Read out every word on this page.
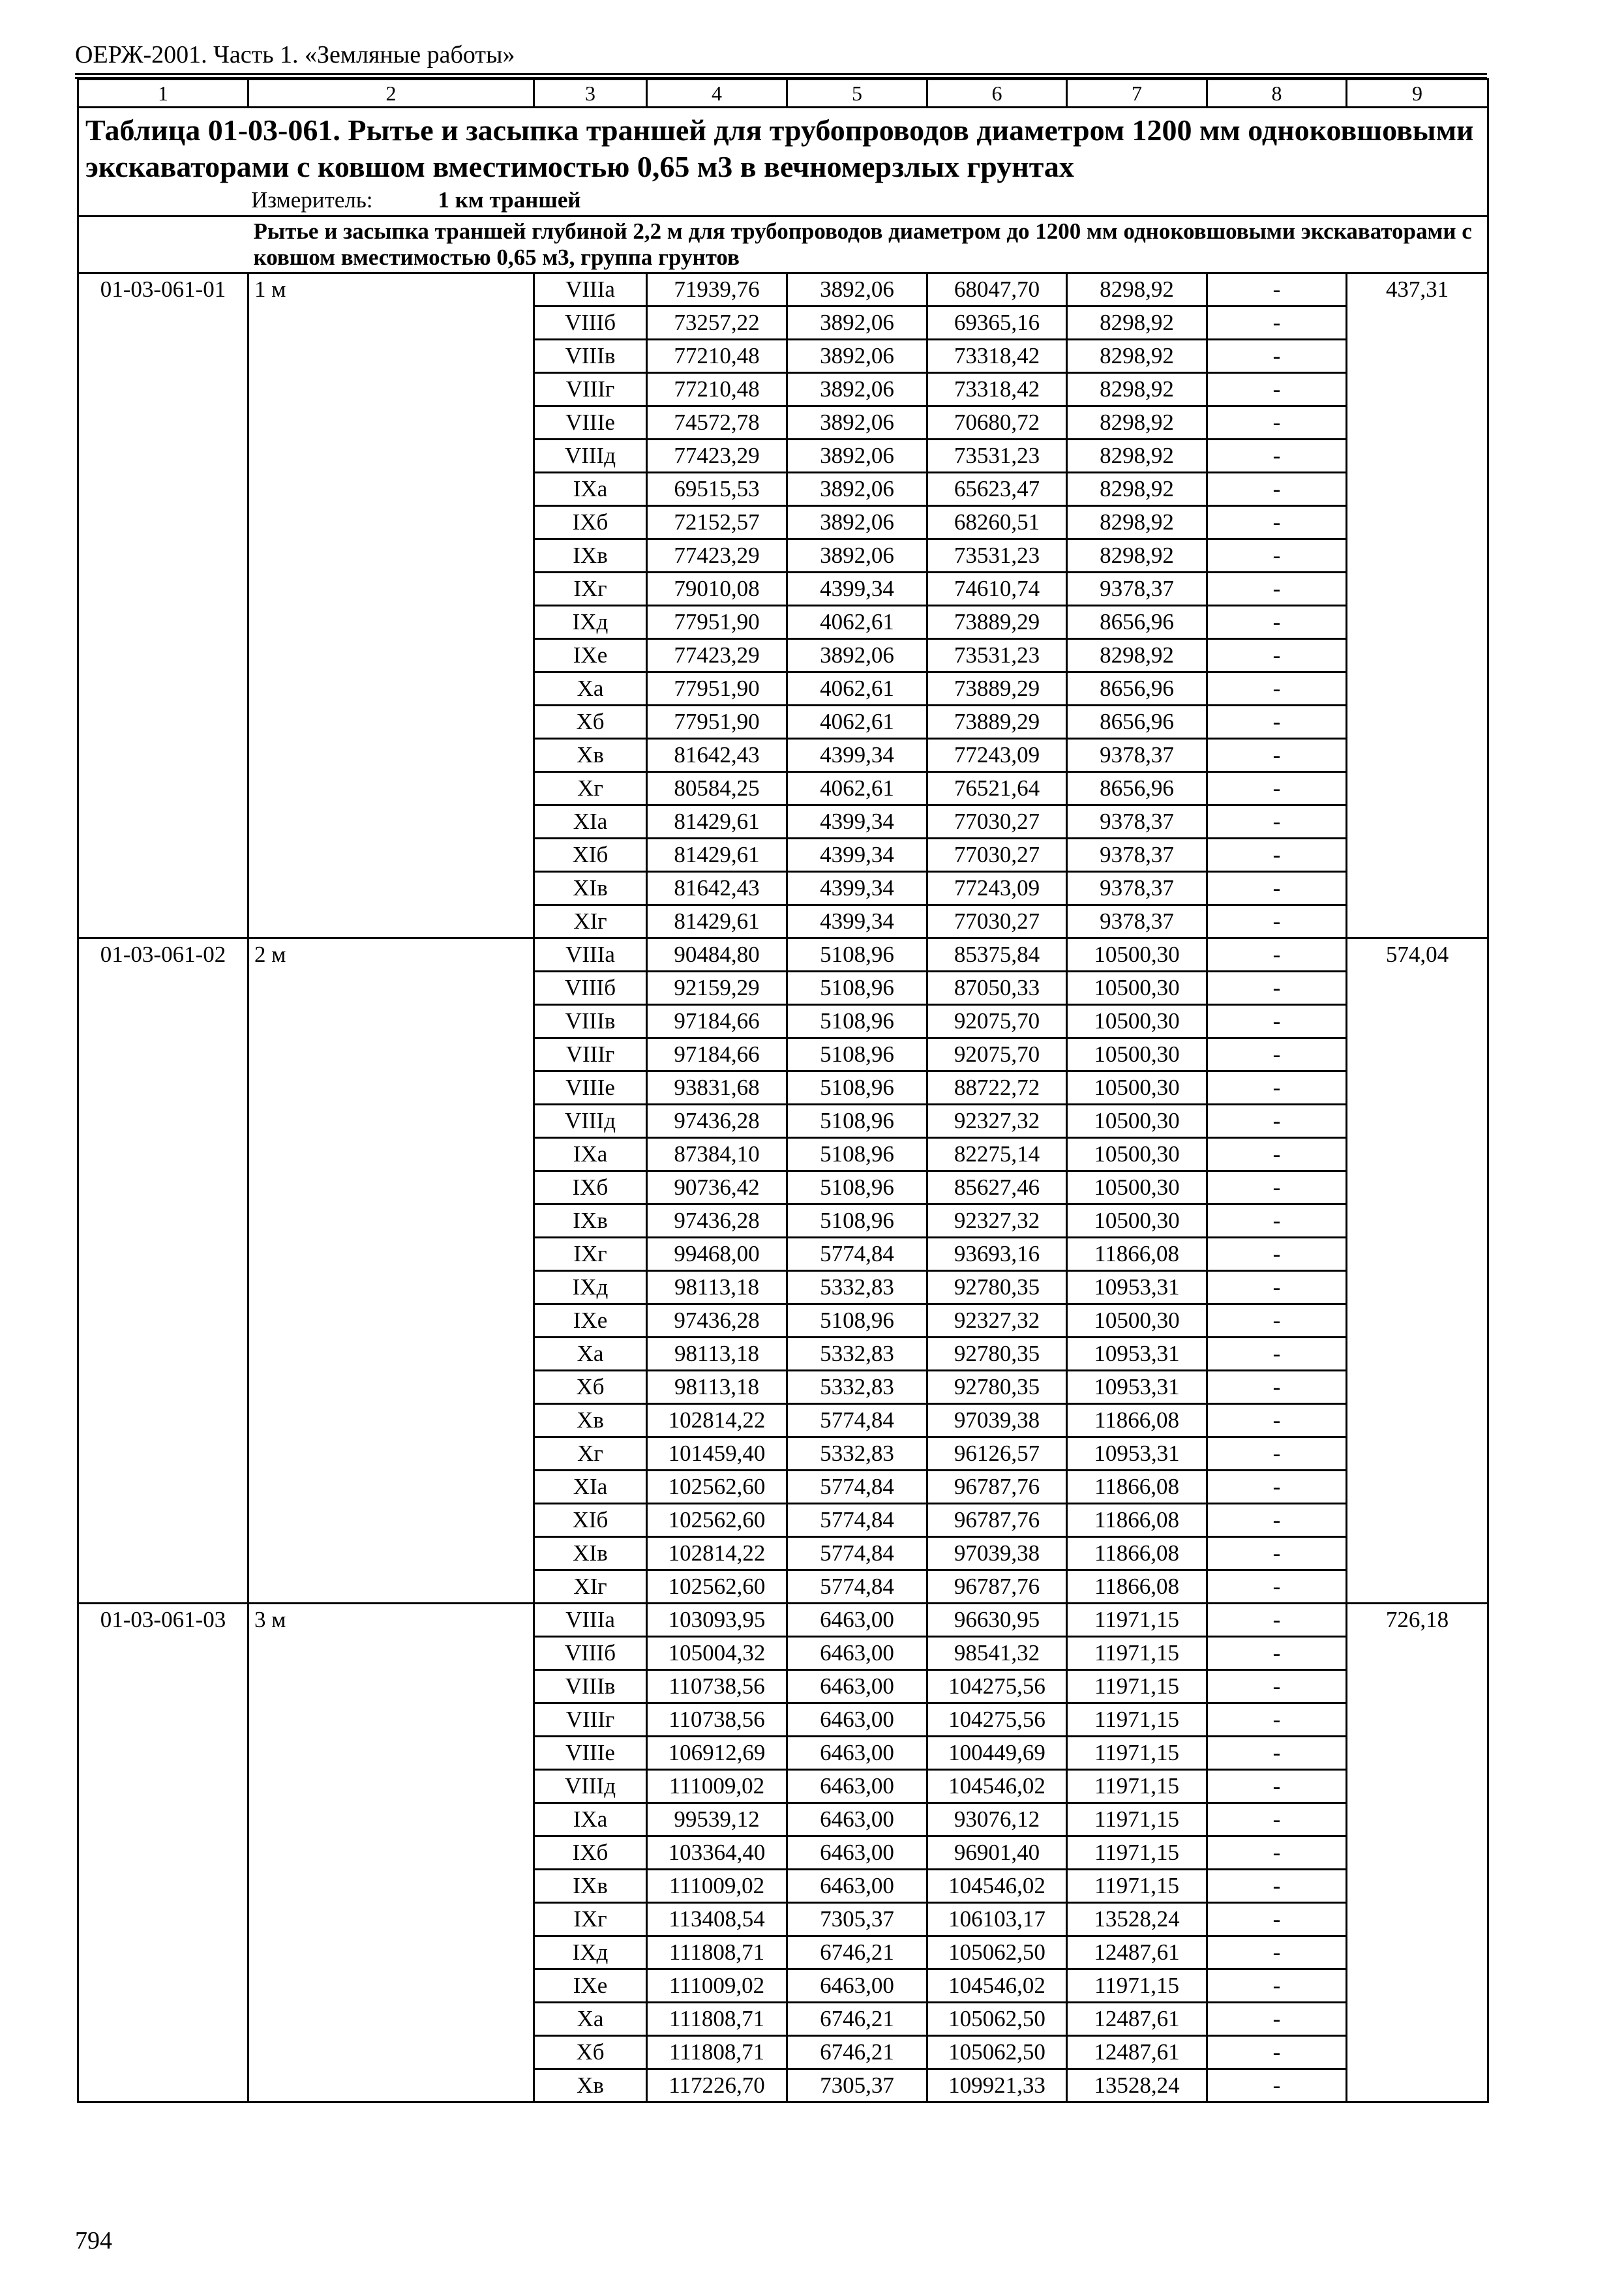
ОЕРЖ-2001. Часть 1. «Земляные работы»
1	2	3	4	5	6	7	8	9
Таблица 01-03-061. Рытье и засыпка траншей для трубопроводов диаметром 1200 мм одноковшовыми экскаваторами с ковшом вместимостью 0,65 м3 в вечномерзлых грунтах								
Измеритель: 1 км траншей								
	Рытье и засыпка траншей глубиной 2,2 м для трубопроводов диаметром до 1200 мм одноковшовыми экскаваторами с ковшом вместимостью 0,65 м3, группа грунтов							
01-03-061-01	1 м	VIIIа	71939,76	3892,06	68047,70	8298,92	-	437,31
		VIIIб	73257,22	3892,06	69365,16	8298,92	-	
		VIIIв	77210,48	3892,06	73318,42	8298,92	-	
		VIIIг	77210,48	3892,06	73318,42	8298,92	-	
		VIIIе	74572,78	3892,06	70680,72	8298,92	-	
		VIIIд	77423,29	3892,06	73531,23	8298,92	-	
		IXа	69515,53	3892,06	65623,47	8298,92	-	
		IXб	72152,57	3892,06	68260,51	8298,92	-	
		IXв	77423,29	3892,06	73531,23	8298,92	-	
		IXг	79010,08	4399,34	74610,74	9378,37	-	
		IXд	77951,90	4062,61	73889,29	8656,96	-	
		IXе	77423,29	3892,06	73531,23	8298,92	-	
		Xа	77951,90	4062,61	73889,29	8656,96	-	
		Xб	77951,90	4062,61	73889,29	8656,96	-	
		Xв	81642,43	4399,34	77243,09	9378,37	-	
		Xг	80584,25	4062,61	76521,64	8656,96	-	
		XIа	81429,61	4399,34	77030,27	9378,37	-	
		XIб	81429,61	4399,34	77030,27	9378,37	-	
		XIв	81642,43	4399,34	77243,09	9378,37	-	
		XIг	81429,61	4399,34	77030,27	9378,37	-	
01-03-061-02	2 м	VIIIа	90484,80	5108,96	85375,84	10500,30	-	574,04
		VIIIб	92159,29	5108,96	87050,33	10500,30	-	
		VIIIв	97184,66	5108,96	92075,70	10500,30	-	
		VIIIг	97184,66	5108,96	92075,70	10500,30	-	
		VIIIе	93831,68	5108,96	88722,72	10500,30	-	
		VIIIд	97436,28	5108,96	92327,32	10500,30	-	
		IXа	87384,10	5108,96	82275,14	10500,30	-	
		IXб	90736,42	5108,96	85627,46	10500,30	-	
		IXв	97436,28	5108,96	92327,32	10500,30	-	
		IXг	99468,00	5774,84	93693,16	11866,08	-	
		IXд	98113,18	5332,83	92780,35	10953,31	-	
		IXе	97436,28	5108,96	92327,32	10500,30	-	
		Xа	98113,18	5332,83	92780,35	10953,31	-	
		Xб	98113,18	5332,83	92780,35	10953,31	-	
		Xв	102814,22	5774,84	97039,38	11866,08	-	
		Xг	101459,40	5332,83	96126,57	10953,31	-	
		XIа	102562,60	5774,84	96787,76	11866,08	-	
		XIб	102562,60	5774,84	96787,76	11866,08	-	
		XIв	102814,22	5774,84	97039,38	11866,08	-	
		XIг	102562,60	5774,84	96787,76	11866,08	-	
01-03-061-03	3 м	VIIIа	103093,95	6463,00	96630,95	11971,15	-	726,18
		VIIIб	105004,32	6463,00	98541,32	11971,15	-	
		VIIIв	110738,56	6463,00	104275,56	11971,15	-	
		VIIIг	110738,56	6463,00	104275,56	11971,15	-	
		VIIIе	106912,69	6463,00	100449,69	11971,15	-	
		VIIIд	111009,02	6463,00	104546,02	11971,15	-	
		IXа	99539,12	6463,00	93076,12	11971,15	-	
		IXб	103364,40	6463,00	96901,40	11971,15	-	
		IXв	111009,02	6463,00	104546,02	11971,15	-	
		IXг	113408,54	7305,37	106103,17	13528,24	-	
		IXд	111808,71	6746,21	105062,50	12487,61	-	
		IXе	111009,02	6463,00	104546,02	11971,15	-	
		Xа	111808,71	6746,21	105062,50	12487,61	-	
		Xб	111808,71	6746,21	105062,50	12487,61	-	
		Xв	117226,70	7305,37	109921,33	13528,24	-	
794
